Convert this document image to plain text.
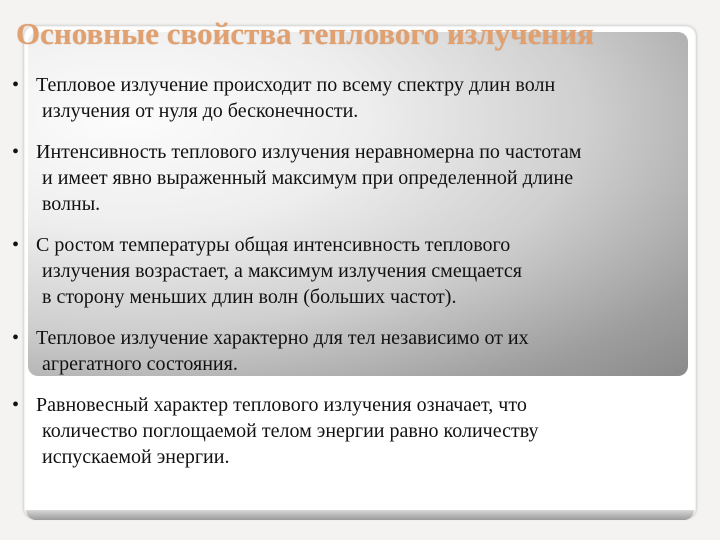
Основные свойства теплового излучения
• Тепловое излучение происходит по всему спектру длин волн
излучения от нуля до бесконечности.
• Интенсивность теплового излучения неравномерна по частотам
и имеет явно выраженный максимум при определенной длине
волны.
• С ростом температуры общая интенсивность теплового
излучения возрастает, а максимум излучения смещается
в сторону меньших длин волн (больших частот).
• Тепловое излучение характерно для тел независимо от их
агрегатного состояния.
• Равновесный характер теплового излучения означает, что
количество поглощаемой телом энергии равно количеству
испускаемой энергии.
